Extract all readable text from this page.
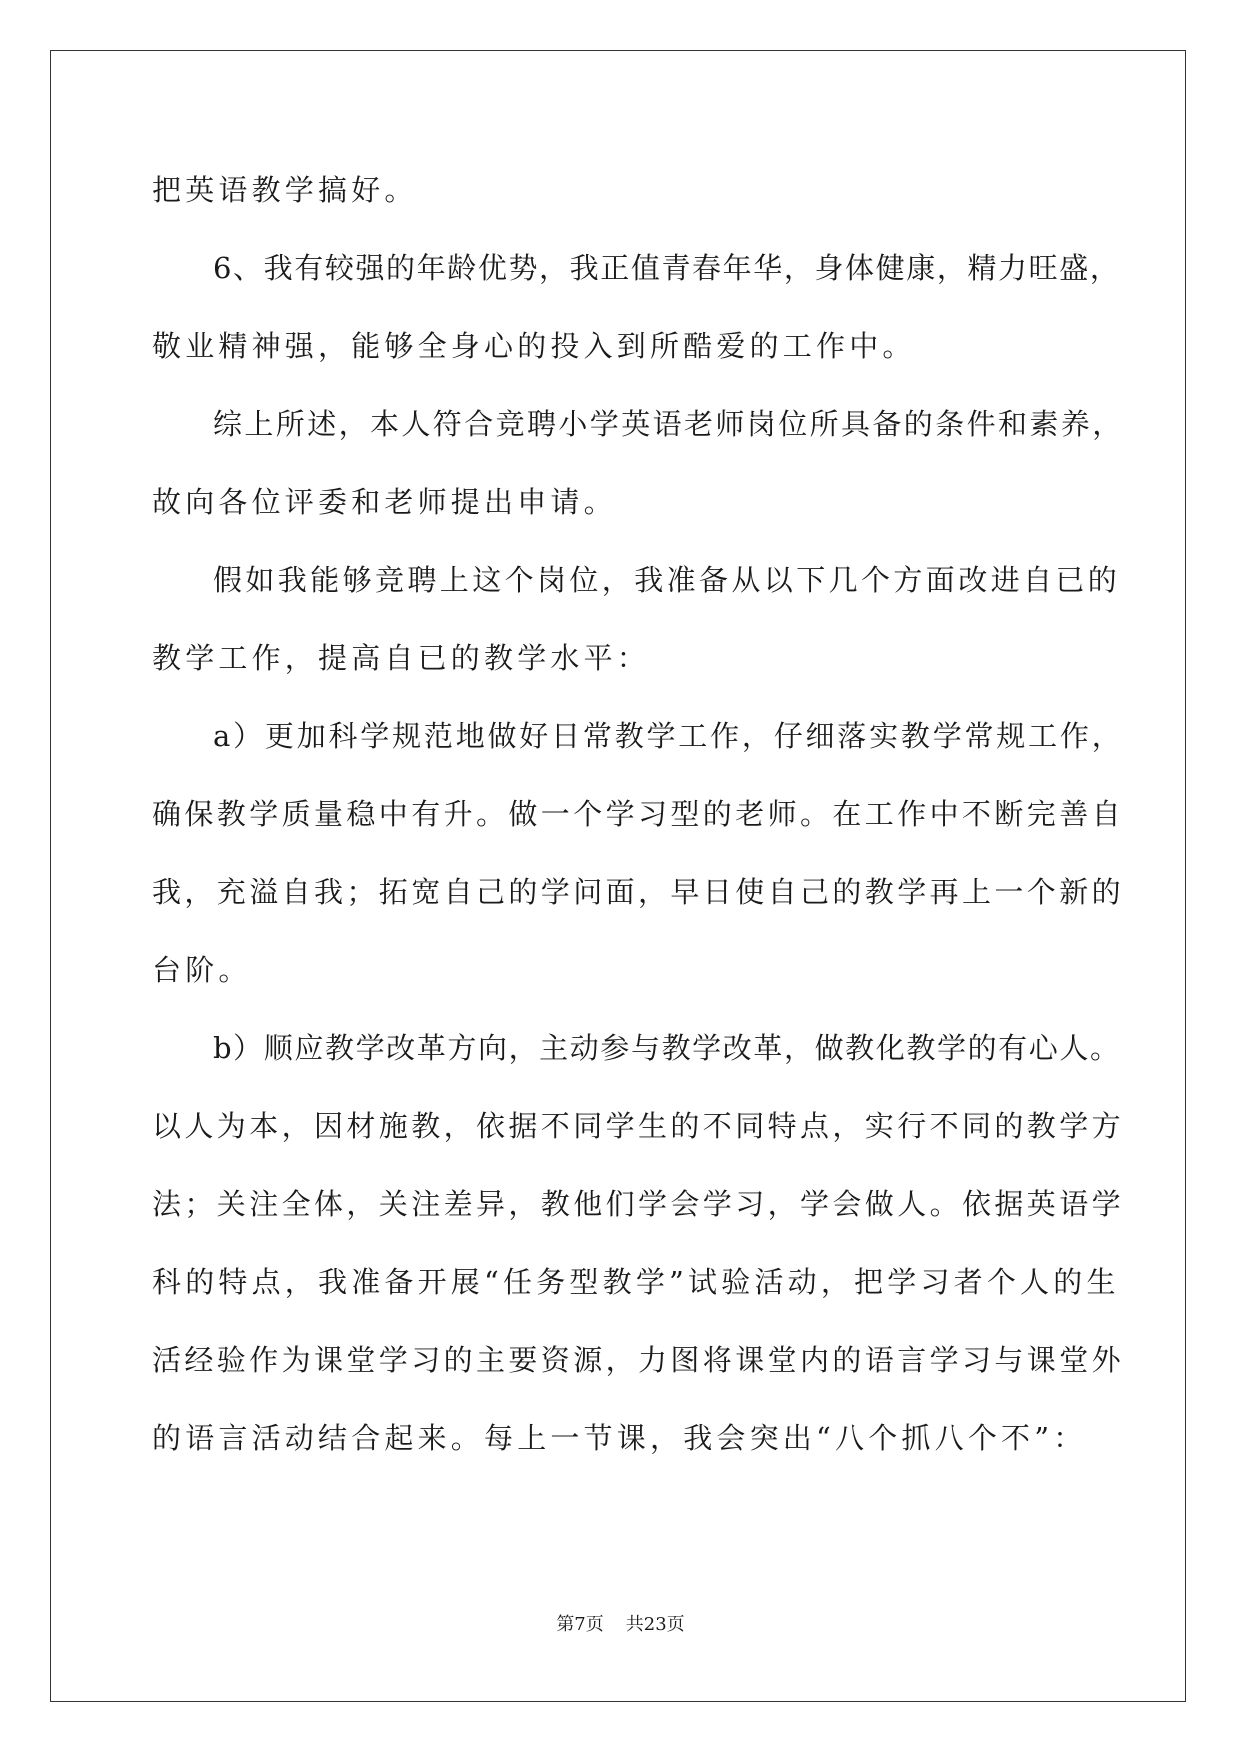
把英语教学搞好。
6、我有较强的年龄优势，我正值青春年华，身体健康，精力旺盛，
敬业精神强，能够全身心的投入到所酷爱的工作中。
综上所述，本人符合竞聘小学英语老师岗位所具备的条件和素养，
故向各位评委和老师提出申请。
假如我能够竞聘上这个岗位，我准备从以下几个方面改进自已的
教学工作，提高自已的教学水平：
a）更加科学规范地做好日常教学工作，仔细落实教学常规工作，
确保教学质量稳中有升。做一个学习型的老师。在工作中不断完善自
我，充溢自我；拓宽自己的学问面，早日使自己的教学再上一个新的
台阶。
b）顺应教学改革方向，主动参与教学改革，做教化教学的有心人。
以人为本，因材施教，依据不同学生的不同特点，实行不同的教学方
法；关注全体，关注差异，教他们学会学习，学会做人。依据英语学
科的特点，我准备开展“任务型教学”试验活动，把学习者个人的生
活经验作为课堂学习的主要资源，力图将课堂内的语言学习与课堂外
的语言活动结合起来。每上一节课，我会突出“八个抓八个不”：
第7页 共23页
